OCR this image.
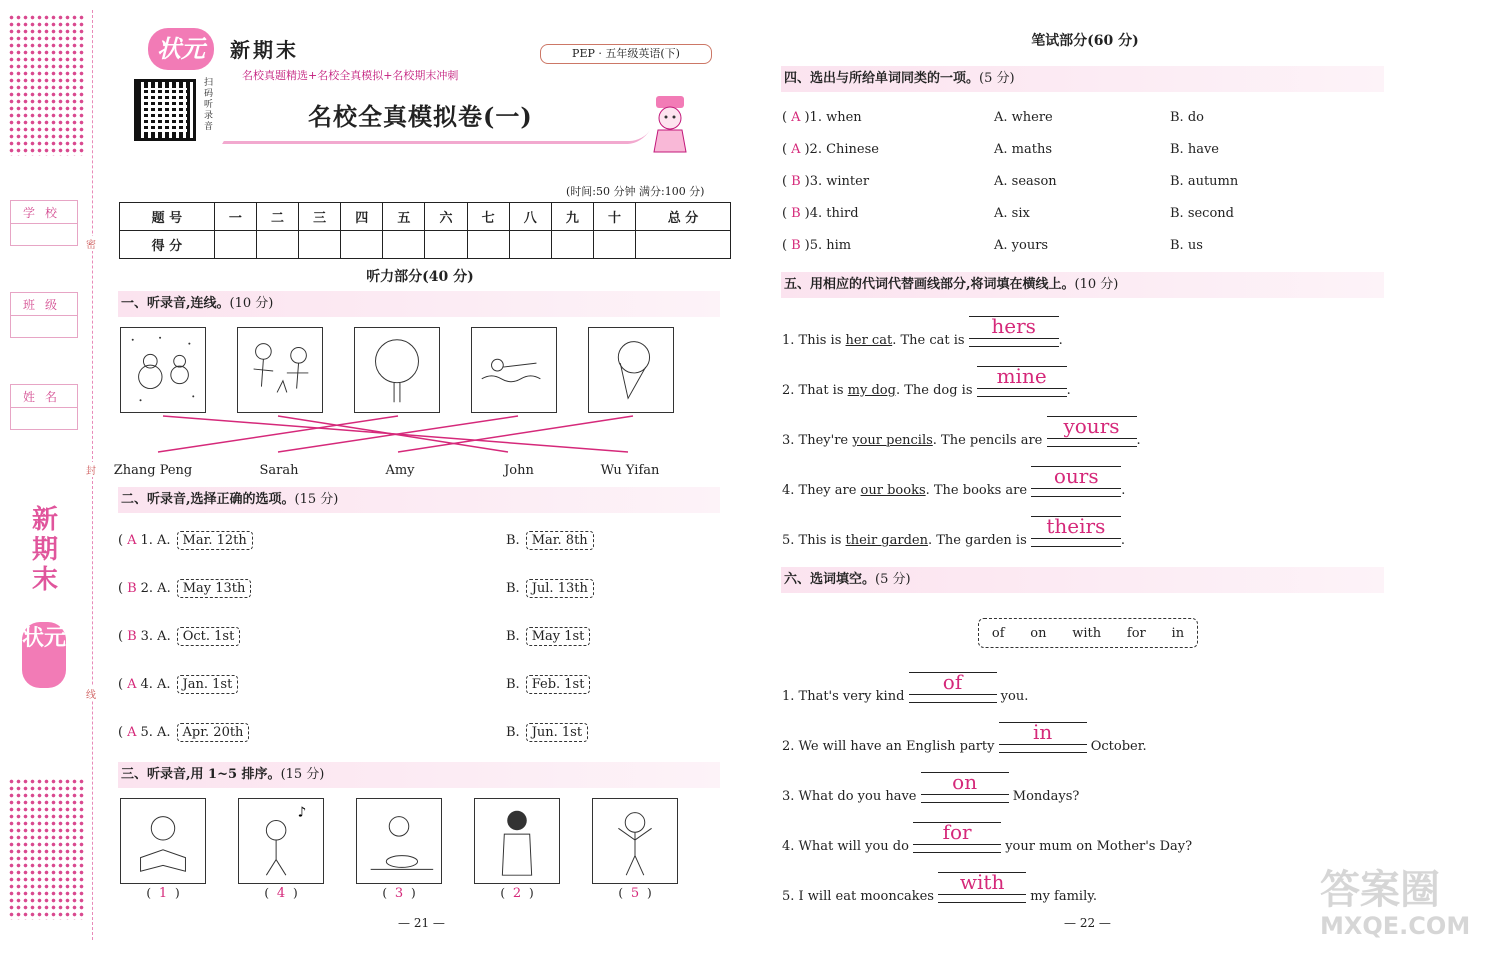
密
封
线
学校
班级
姓名
新期末
状元
状元	新期末
名校真题精选+名校全真模拟+名校期末冲刺
PEP · 五年级英语(下)
扫码听录音	名校全真模拟卷(一)
(时间:50 分钟 满分:100 分)
题 号	一	二	三	四	五	六	七	八	九	十	总 分
得 分											
听力部分(40 分)
一、听录音,连线。(10 分)
Zhang Peng	Sarah	Amy	John	Wu Yifan
二、听录音,选择正确的选项。(15 分)
( A 1. A. Mar. 12th	B. Mar. 8th
( B 2. A. May 13th	B. Jul. 13th
( B 3. A. Oct. 1st	B. May 1st
( A 4. A. Jan. 1st	B. Feb. 1st
( A 5. A. Apr. 20th	B. Jun. 1st
三、听录音,用 1~5 排序。(15 分)
♪
( 1 )	( 4 )	( 3 )	( 2 )	( 5 )
— 21 —
笔试部分(60 分)
四、选出与所给单词同类的一项。(5 分)
( A )1. when	A. where	B. do
( A )2. Chinese	A. maths	B. have
( B )3. winter	A. season	B. autumn
( B )4. third	A. six	B. second
( B )5. him	A. yours	B. us
五、用相应的代词代替画线部分,将词填在横线上。(10 分)
1. This is her cat. The cat is
hers
.
2. That is my dog. The dog is
mine
.
3. They're your pencils. The pencils are
yours
.
4. They are our books. The books are
ours
.
5. This is their garden. The garden is
theirs
.
六、选词填空。(5 分)
of on with for in
1. That's very kind
of
you.
2. We will have an English party
in
October.
3. What do you have
on
Mondays?
4. What will you do
for
your mum on Mother's Day?
5. I will eat mooncakes
with
my family.
— 22 —
答案圈
MXQE.COM
